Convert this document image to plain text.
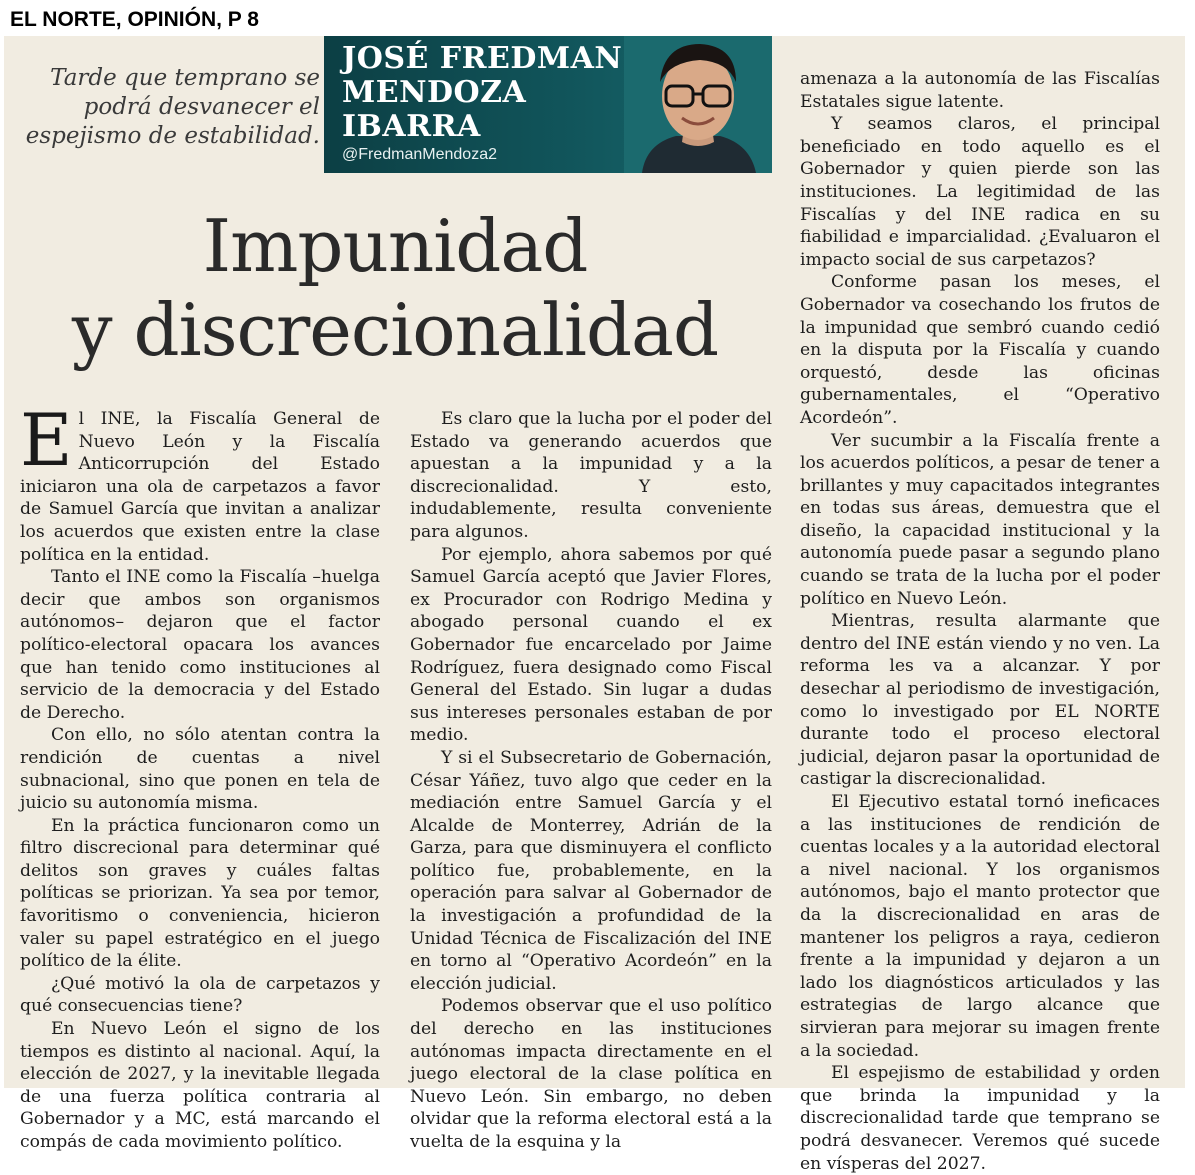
EL NORTE, OPINIÓN, P 8
Tarde que temprano se podrá desvanecer el espejismo de estabilidad.
JOSÉ FREDMAN
MENDOZA
IBARRA
@FredmanMendoza2
Impunidad
y discrecionalidad

El INE, la Fiscalía General de Nuevo León y la Fiscalía Anticorrupción del Estado iniciaron una ola de carpetazos a favor de Samuel García que invitan a analizar los acuerdos que existen entre la clase política en la entidad.

Tanto el INE como la Fiscalía –huelga decir que ambos son organismos autónomos– dejaron que el factor político-electoral opacara los avances que han tenido como instituciones al servicio de la democracia y del Estado de Derecho.

Con ello, no sólo atentan contra la rendición de cuentas a nivel subnacional, sino que ponen en tela de juicio su autonomía misma.

En la práctica funcionaron como un filtro discrecional para determinar qué delitos son graves y cuáles faltas políticas se priorizan. Ya sea por temor, favoritismo o conveniencia, hicieron valer su papel estratégico en el juego político de la élite.

¿Qué motivó la ola de carpetazos y qué consecuencias tiene?

En Nuevo León el signo de los tiempos es distinto al nacional. Aquí, la elección de 2027, y la inevitable llegada de una fuerza política contraria al Gobernador y a MC, está marcando el compás de cada movimiento político.

Es claro que la lucha por el poder del Estado va generando acuerdos que apuestan a la impunidad y a la discrecionalidad. Y esto, indudablemente, resulta conveniente para algunos.

Por ejemplo, ahora sabemos por qué Samuel García aceptó que Javier Flores, ex Procurador con Rodrigo Medina y abogado personal cuando el ex Gobernador fue encarcelado por Jaime Rodríguez, fuera designado como Fiscal General del Estado. Sin lugar a dudas sus intereses personales estaban de por medio.

Y si el Subsecretario de Gobernación, César Yáñez, tuvo algo que ceder en la mediación entre Samuel García y el Alcalde de Monterrey, Adrián de la Garza, para que disminuyera el conflicto político fue, probablemente, en la operación para salvar al Gobernador de la investigación a profundidad de la Unidad Técnica de Fiscalización del INE en torno al “Operativo Acordeón” en la elección judicial.

Podemos observar que el uso político del derecho en las instituciones autónomas impacta directamente en el juego electoral de la clase política en Nuevo León. Sin embargo, no deben olvidar que la reforma electoral está a la vuelta de la esquina y la

amenaza a la autonomía de las Fiscalías Estatales sigue latente.

Y seamos claros, el principal beneficiado en todo aquello es el Gobernador y quien pierde son las instituciones. La legitimidad de las Fiscalías y del INE radica en su fiabilidad e imparcialidad. ¿Evaluaron el impacto social de sus carpetazos?

Conforme pasan los meses, el Gobernador va cosechando los frutos de la impunidad que sembró cuando cedió en la disputa por la Fiscalía y cuando orquestó, desde las oficinas gubernamentales, el “Operativo Acordeón”.

Ver sucumbir a la Fiscalía frente a los acuerdos políticos, a pesar de tener a brillantes y muy capacitados integrantes en todas sus áreas, demuestra que el diseño, la capacidad institucional y la autonomía puede pasar a segundo plano cuando se trata de la lucha por el poder político en Nuevo León.

Mientras, resulta alarmante que dentro del INE están viendo y no ven. La reforma les va a alcanzar. Y por desechar al periodismo de investigación, como lo investigado por EL NORTE durante todo el proceso electoral judicial, dejaron pasar la oportunidad de castigar la discrecionalidad.

El Ejecutivo estatal tornó ineficaces a las instituciones de rendición de cuentas locales y a la autoridad electoral a nivel nacional. Y los organismos autónomos, bajo el manto protector que da la discrecionalidad en aras de mantener los peligros a raya, cedieron frente a la impunidad y dejaron a un lado los diagnósticos articulados y las estrategias de largo alcance que sirvieran para mejorar su imagen frente a la sociedad.

El espejismo de estabilidad y orden que brinda la impunidad y la discrecionalidad tarde que temprano se podrá desvanecer. Veremos qué sucede en vísperas del 2027.
